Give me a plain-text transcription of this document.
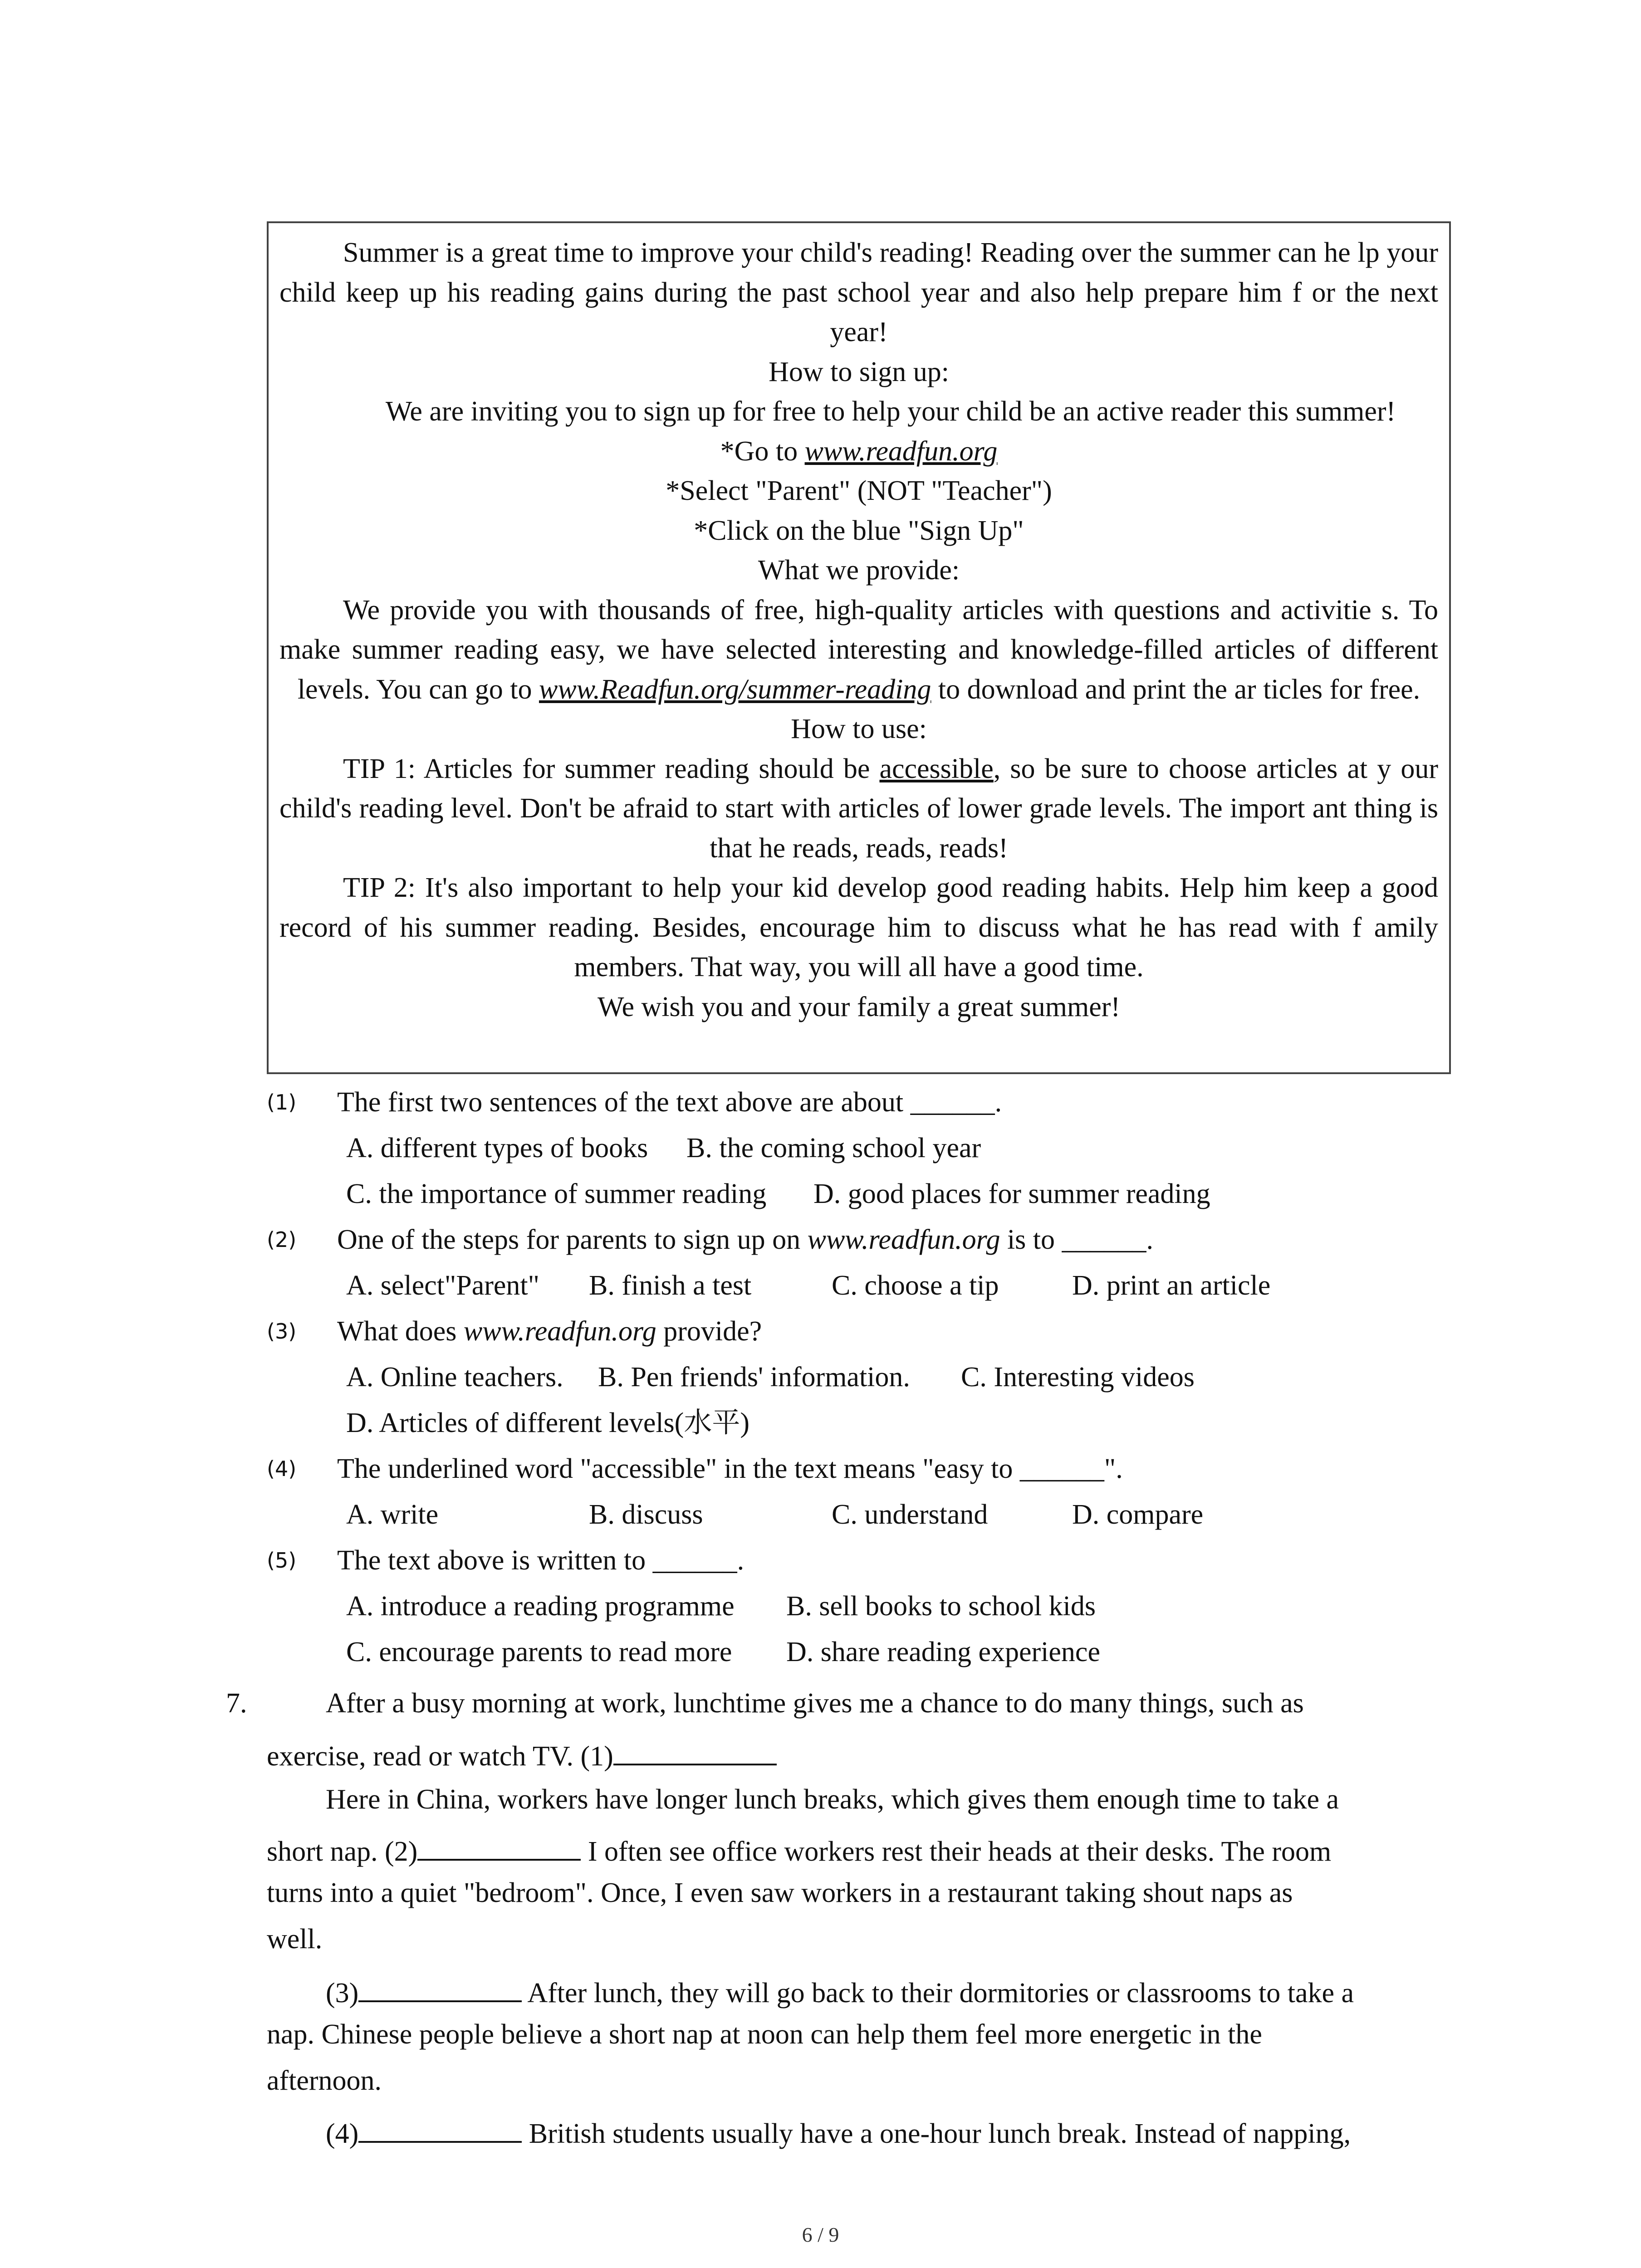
Summer is a great time to improve your child's reading! Reading over the summer can he lp your child keep up his reading gains during the past school year and also help prepare him f or the next year!

How to sign up:

We are inviting you to sign up for free to help your child be an active reader this summer!

*Go to www.readfun.org

*Select "Parent" (NOT "Teacher")

*Click on the blue "Sign Up"

What we provide:

We provide you with thousands of free, high-quality articles with questions and activitie s. To make summer reading easy, we have selected interesting and knowledge-filled articles of different levels. You can go to www.Readfun.org/summer-reading to download and print the ar ticles for free.

How to use:

TIP 1: Articles for summer reading should be accessible, so be sure to choose articles at y our child's reading level. Don't be afraid to start with articles of lower grade levels. The import ant thing is that he reads, reads, reads!

TIP 2: It's also important to help your kid develop good reading habits. Help him keep a good record of his summer reading. Besides, encourage him to discuss what he has read with f amily members. That way, you will all have a good time.

We wish you and your family a great summer!

(1) The first two sentences of the text above are about ______.
A. different types of books B. the coming school year
C. the importance of summer reading D. good places for summer reading
(2) One of the steps for parents to sign up on www.readfun.org is to ______.
A. select"Parent" B. finish a test	C. choose a tip	D. print an article
(3) What does www.readfun.org provide?
A. Online teachers. B. Pen friends' information. C. Interesting videos
D. Articles of different levels(水平)
(4) The underlined word "accessible" in the text means "easy to ______".
A. write	B. discuss	C. understand	D. compare
(5) The text above is written to ______.
A. introduce a reading programme B. sell books to school kids
C. encourage parents to read more D. share reading experience
7.	After a busy morning at work, lunchtime gives me a chance to do many things, such as
exercise, read or watch TV. (1)
Here in China, workers have longer lunch breaks, which gives them enough time to take a
short nap. (2)	I often see office workers rest their heads at their desks. The room
turns into a quiet "bedroom". Once, I even saw workers in a restaurant taking shout naps as
well.
(3)	After lunch, they will go back to their dormitories or classrooms to take a
nap. Chinese people believe a short nap at noon can help them feel more energetic in the
afternoon.
(4)	British students usually have a one-hour lunch break. Instead of napping,
6 / 9
